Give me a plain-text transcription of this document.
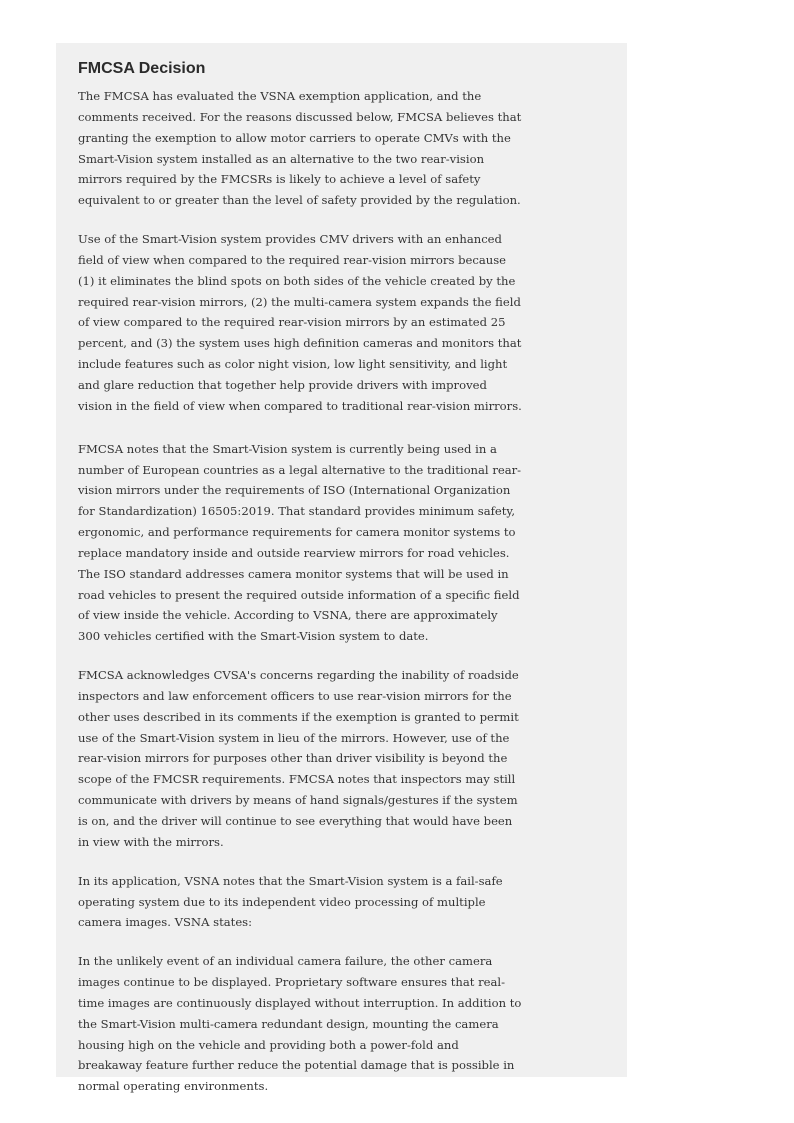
FMCSA Decision

The FMCSA has evaluated the VSNA exemption application, and the comments received. For the reasons discussed below, FMCSA believes that granting the exemption to allow motor carriers to operate CMVs with the Smart-Vision system installed as an alternative to the two rear-vision mirrors required by the FMCSRs is likely to achieve a level of safety equivalent to or greater than the level of safety provided by the regulation.

Use of the Smart-Vision system provides CMV drivers with an enhanced field of view when compared to the required rear-vision mirrors because (1) it eliminates the blind spots on both sides of the vehicle created by the required rear-vision mirrors, (2) the multi-camera system expands the field of view compared to the required rear-vision mirrors by an estimated 25 percent, and (3) the system uses high definition cameras and monitors that include features such as color night vision, low light sensitivity, and light and glare reduction that together help provide drivers with improved vision in the field of view when compared to traditional rear-vision mirrors.

FMCSA notes that the Smart-Vision system is currently being used in a number of European countries as a legal alternative to the traditional rear-vision mirrors under the requirements of ISO (International Organization for Standardization) 16505:2019. That standard provides minimum safety, ergonomic, and performance requirements for camera monitor systems to replace mandatory inside and outside rearview mirrors for road vehicles. The ISO standard addresses camera monitor systems that will be used in road vehicles to present the required outside information of a specific field of view inside the vehicle. According to VSNA, there are approximately 300 vehicles certified with the Smart-Vision system to date.

FMCSA acknowledges CVSA's concerns regarding the inability of roadside inspectors and law enforcement officers to use rear-vision mirrors for the other uses described in its comments if the exemption is granted to permit use of the Smart-Vision system in lieu of the mirrors. However, use of the rear-vision mirrors for purposes other than driver visibility is beyond the scope of the FMCSR requirements. FMCSA notes that inspectors may still communicate with drivers by means of hand signals/gestures if the system is on, and the driver will continue to see everything that would have been in view with the mirrors.

In its application, VSNA notes that the Smart-Vision system is a fail-safe operating system due to its independent video processing of multiple camera images. VSNA states:

In the unlikely event of an individual camera failure, the other camera images continue to be displayed. Proprietary software ensures that real-time images are continuously displayed without interruption. In addition to the Smart-Vision multi-camera redundant design, mounting the camera housing high on the vehicle and providing both a power-fold and breakaway feature further reduce the potential damage that is possible in normal operating environments.
